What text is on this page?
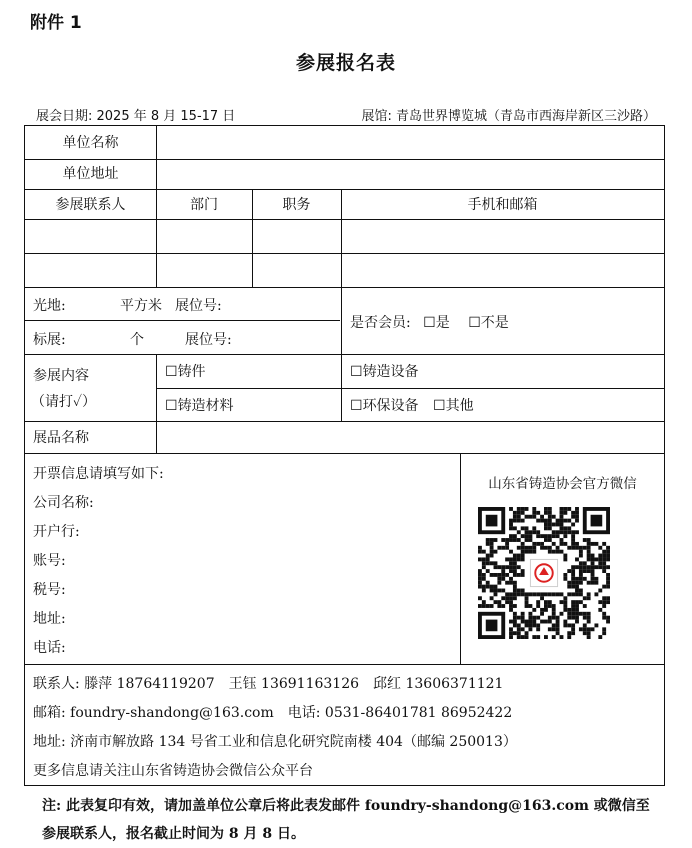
附件 1
参展报名表
展会日期: 2025 年 8 月 15-17 日	展馆: 青岛世界博览城（青岛市西海岸新区三沙路）
单位名称
单位地址
参展联系人	部门	职务	手机和邮箱
光地:	平方米 展位号:
标展:	个	展位号:
是否会员: ☐是 ☐不是
参展内容
（请打✓）
☐铸件	☐铸造设备
☐铸造材料	☐环保设备 ☐其他
展品名称
开票信息请填写如下:
公司名称:
开户行:
账号:
税号:
地址:
电话:
山东省铸造协会官方微信
联系人: 滕萍 18764119207　王钰 13691163126　邱红 13606371121
邮箱: foundry-shandong@163.com　电话: 0531-86401781 86952422
地址: 济南市解放路 134 号省工业和信息化研究院南楼 404（邮编 250013）
更多信息请关注山东省铸造协会微信公众平台
注: 此表复印有效，请加盖单位公章后将此表发邮件 foundry-shandong@163.com 或微信至参展联系人，报名截止时间为 8 月 8 日。
